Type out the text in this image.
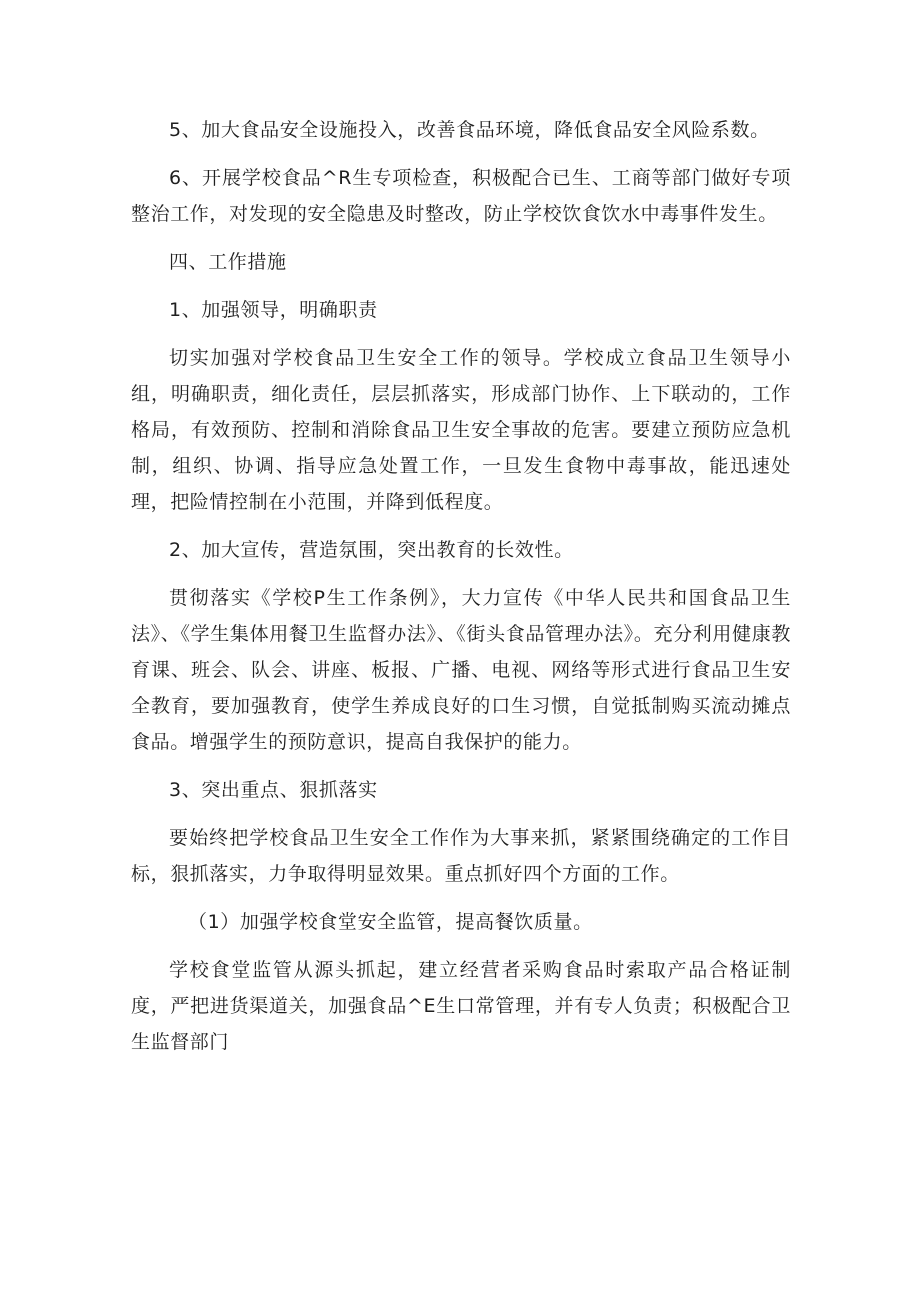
5、加大食品安全设施投入，改善食品环境，降低食品安全风险系数。

6、开展学校食品^R生专项检查，积极配合已生、工商等部门做好专项整治工作，对发现的安全隐患及时整改，防止学校饮食饮水中毒事件发生。

四、工作措施

1、加强领导，明确职责

切实加强对学校食品卫生安全工作的领导。学校成立食品卫生领导小组，明确职责，细化责任，层层抓落实，形成部门协作、上下联动的，工作格局，有效预防、控制和消除食品卫生安全事故的危害。要建立预防应急机制，组织、协调、指导应急处置工作，一旦发生食物中毒事故，能迅速处理，把险情控制在小范围，并降到低程度。

2、加大宣传，营造氛围，突出教育的长效性。

贯彻落实《学校P生工作条例》，大力宣传《中华人民共和国食品卫生法》、《学生集体用餐卫生监督办法》、《街头食品管理办法》。充分利用健康教育课、班会、队会、讲座、板报、广播、电视、网络等形式进行食品卫生安全教育，要加强教育，使学生养成良好的口生习惯，自觉抵制购买流动摊点食品。增强学生的预防意识，提高自我保护的能力。

3、突出重点、狠抓落实

要始终把学校食品卫生安全工作作为大事来抓，紧紧围绕确定的工作目标，狠抓落实，力争取得明显效果。重点抓好四个方面的工作。

（1）加强学校食堂安全监管，提高餐饮质量。

学校食堂监管从源头抓起，建立经营者采购食品时索取产品合格证制度，严把进货渠道关，加强食品^E生口常管理，并有专人负责；积极配合卫生监督部门
